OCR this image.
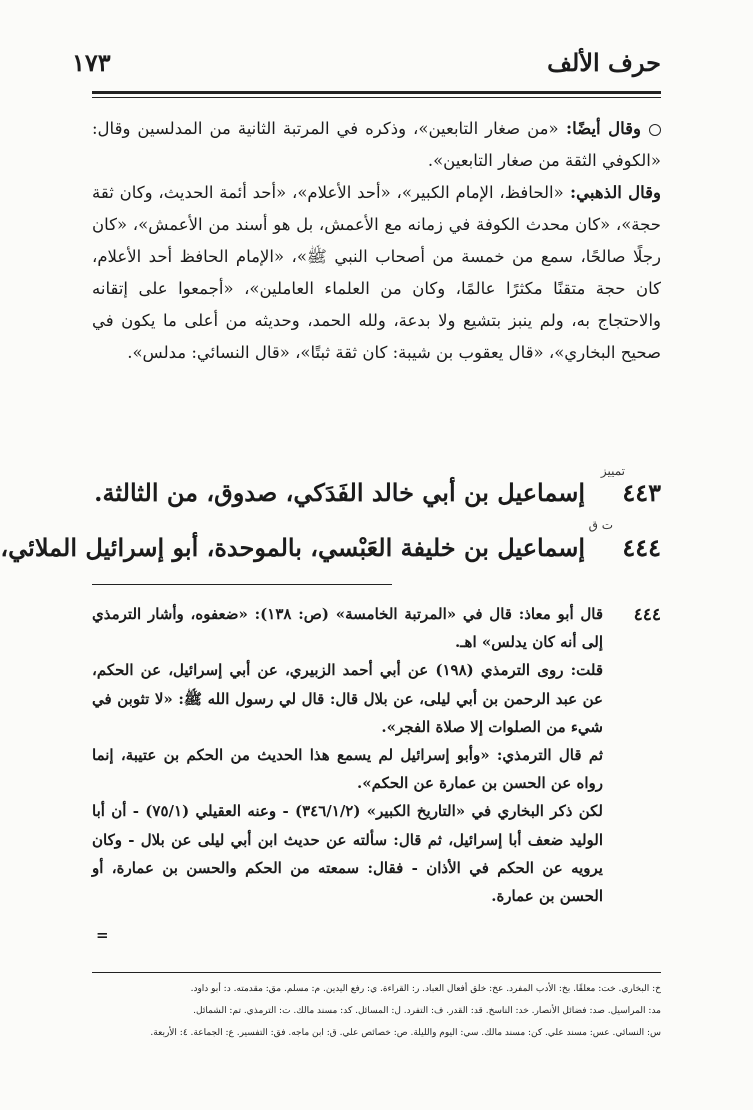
حرف الألف
١٧٣

وقال أيضًا: «من صغار التابعين»، وذكره في المرتبة الثانية من المدلسين وقال: «الكوفي الثقة من صغار التابعين».

وقال الذهبي: «الحافظ، الإمام الكبير»، «أحد الأعلام»، «أحد أئمة الحديث، وكان ثقة حجة»، «كان محدث الكوفة في زمانه مع الأعمش، بل هو أسند من الأعمش»، «كان رجلًا صالحًا، سمع من خمسة من أصحاب النبي ﷺ»، «الإمام الحافظ أحد الأعلام، كان حجة متقنًا مكثرًا عالمًا، وكان من العلماء العاملين»، «أجمعوا على إتقانه والاحتجاج به، ولم ينبز بتشيع ولا بدعة، ولله الحمد، وحديثه من أعلى ما يكون في صحيح البخاري»، «قال يعقوب بن شيبة: كان ثقة ثبتًا»، «قال النسائي: مدلس».

تمييز
٤٤٣إسماعيل بن أبي خالد الفَدَكي، صدوق، من الثالثة.
ت ق
٤٤٤إسماعيل بن خليفة العَبْسي، بالموحدة، أبو إسرائيل الملائي،
٤٤٤

قال أبو معاذ: قال في «المرتبة الخامسة» (ص: ١٣٨): «ضعفوه، وأشار الترمذي إلى أنه كان يدلس» اهـ.

قلت: روى الترمذي (١٩٨) عن أبي أحمد الزبيري، عن أبي إسرائيل، عن الحكم، عن عبد الرحمن بن أبي ليلى، عن بلال قال: قال لي رسول الله ﷺ: «لا تثوبن في شيء من الصلوات إلا صلاة الفجر».

ثم قال الترمذي: «وأبو إسرائيل لم يسمع هذا الحديث من الحكم بن عتيبة، إنما رواه عن الحسن بن عمارة عن الحكم».

لكن ذكر البخاري في «التاريخ الكبير» (٣٤٦/١/٢) - وعنه العقيلي (٧٥/١) - أن أبا الوليد ضعف أبا إسرائيل، ثم قال: سألته عن حديث ابن أبي ليلى عن بلال - وكان يرويه عن الحكم في الأذان - فقال: سمعته من الحكم والحسن بن عمارة، أو الحسن بن عمارة.

=

خ: البخاري. خت: معلقًا. بخ: الأدب المفرد. عخ: خلق أفعال العباد. ر: القراءة. ي: رفع اليدين. م: مسلم. مق: مقدمته. د: أبو داود.

مد: المراسيل. صد: فضائل الأنصار. خد: الناسخ. قد: القدر. ف: التفرد. ل: المسائل. كد: مسند مالك. ت: الترمذي. تم: الشمائل.

س: النسائي. عس: مسند علي. كن: مسند مالك. سي: اليوم والليلة. ص: خصائص علي. ق: ابن ماجه. فق: التفسير. ع: الجماعة. ٤: الأربعة.
